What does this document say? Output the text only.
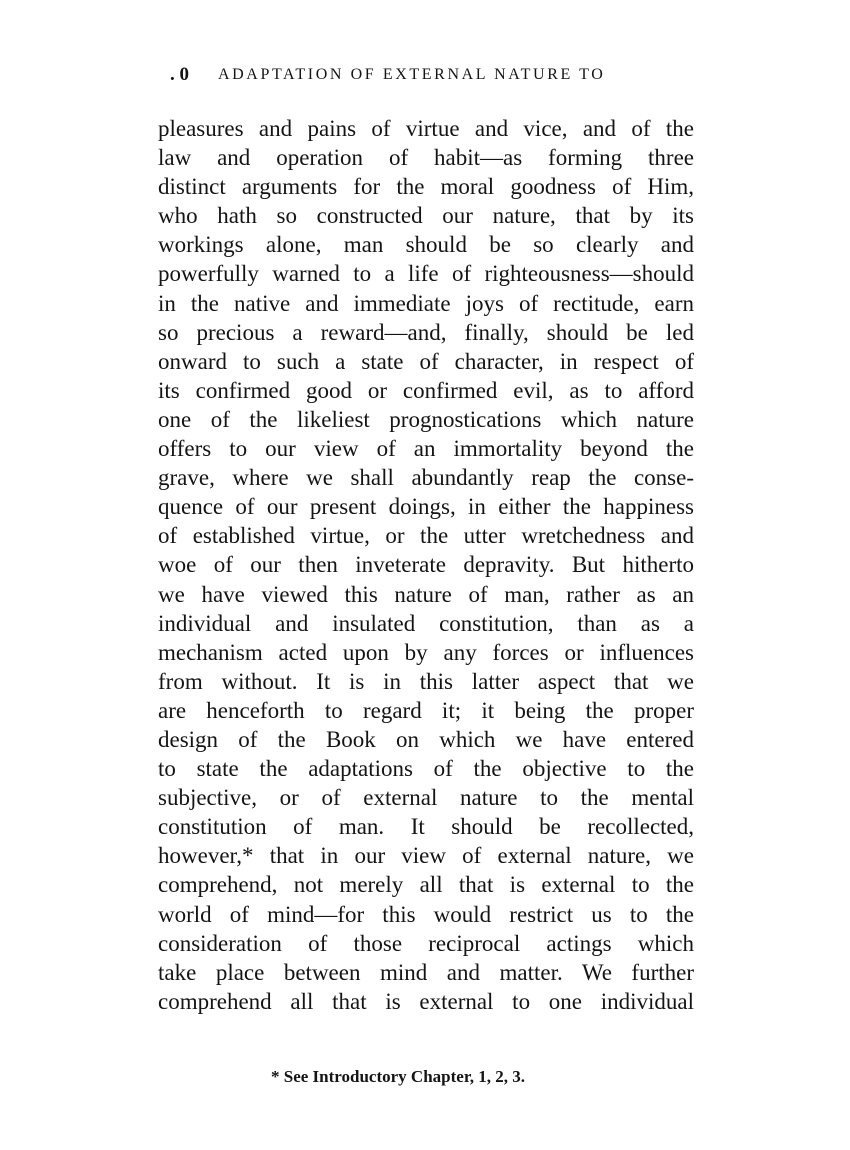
. 0 ADAPTATION OF EXTERNAL NATURE TO
pleasures and pains of virtue and vice, and of the
law and operation of habit—as forming three
distinct arguments for the moral goodness of Him,
who hath so constructed our nature, that by its
workings alone, man should be so clearly and
powerfully warned to a life of righteousness—should
in the native and immediate joys of rectitude, earn
so precious a reward—and, finally, should be led
onward to such a state of character, in respect of
its confirmed good or confirmed evil, as to afford
one of the likeliest prognostications which nature
offers to our view of an immortality beyond the
grave, where we shall abundantly reap the conse-
quence of our present doings, in either the happiness
of established virtue, or the utter wretchedness and
woe of our then inveterate depravity. But hitherto
we have viewed this nature of man, rather as an
individual and insulated constitution, than as a
mechanism acted upon by any forces or influences
from without. It is in this latter aspect that we
are henceforth to regard it; it being the proper
design of the Book on which we have entered
to state the adaptations of the objective to the
subjective, or of external nature to the mental
constitution of man. It should be recollected,
however,* that in our view of external nature, we
comprehend, not merely all that is external to the
world of mind—for this would restrict us to the
consideration of those reciprocal actings which
take place between mind and matter. We further
comprehend all that is external to one individual
* See Introductory Chapter, 1, 2, 3.
